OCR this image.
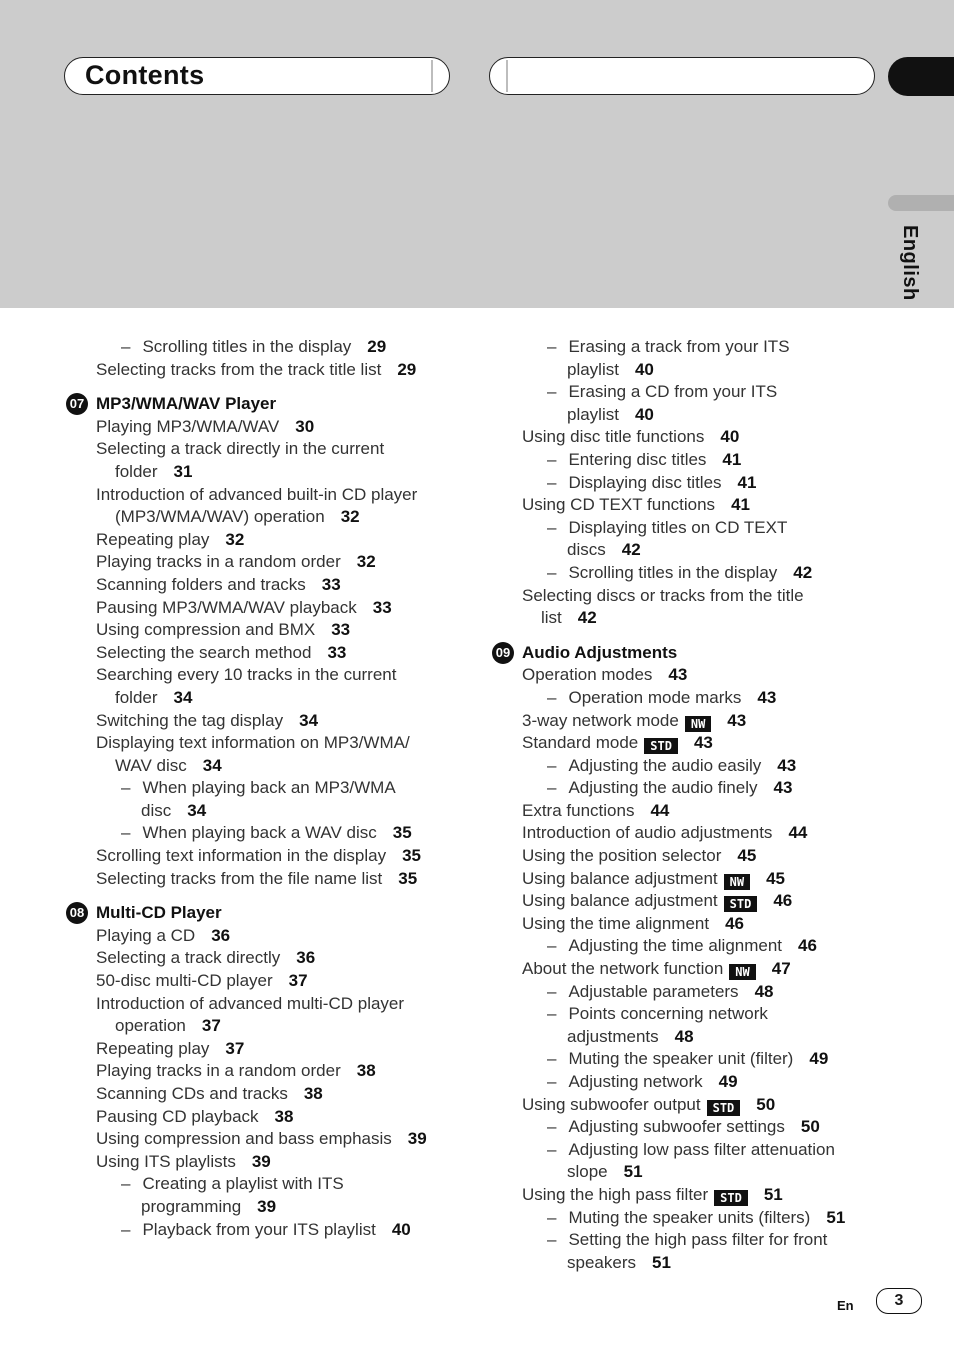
Contents
English
– Scrolling titles in the display 29
Selecting tracks from the track title list 29
07 MP3/WMA/WAV Player
Playing MP3/WMA/WAV 30
Selecting a track directly in the current
folder 31
Introduction of advanced built-in CD player
(MP3/WMA/WAV) operation 32
Repeating play 32
Playing tracks in a random order 32
Scanning folders and tracks 33
Pausing MP3/WMA/WAV playback 33
Using compression and BMX 33
Selecting the search method 33
Searching every 10 tracks in the current
folder 34
Switching the tag display 34
Displaying text information on MP3/WMA/
WAV disc 34
– When playing back an MP3/WMA
disc 34
– When playing back a WAV disc 35
Scrolling text information in the display 35
Selecting tracks from the file name list 35
08 Multi-CD Player
Playing a CD 36
Selecting a track directly 36
50-disc multi-CD player 37
Introduction of advanced multi-CD player
operation 37
Repeating play 37
Playing tracks in a random order 38
Scanning CDs and tracks 38
Pausing CD playback 38
Using compression and bass emphasis 39
Using ITS playlists 39
– Creating a playlist with ITS
programming 39
– Playback from your ITS playlist 40
– Erasing a track from your ITS
playlist 40
– Erasing a CD from your ITS
playlist 40
Using disc title functions 40
– Entering disc titles 41
– Displaying disc titles 41
Using CD TEXT functions 41
– Displaying titles on CD TEXT
discs 42
– Scrolling titles in the display 42
Selecting discs or tracks from the title
list 42
09 Audio Adjustments
Operation modes 43
– Operation mode marks 43
3-way network mode NW 43
Standard mode STD 43
– Adjusting the audio easily 43
– Adjusting the audio finely 43
Extra functions 44
Introduction of audio adjustments 44
Using the position selector 45
Using balance adjustment NW 45
Using balance adjustment STD 46
Using the time alignment 46
– Adjusting the time alignment 46
About the network function NW 47
– Adjustable parameters 48
– Points concerning network
adjustments 48
– Muting the speaker unit (filter) 49
– Adjusting network 49
Using subwoofer output STD 50
– Adjusting subwoofer settings 50
– Adjusting low pass filter attenuation
slope 51
Using the high pass filter STD 51
– Muting the speaker units (filters) 51
– Setting the high pass filter for front
speakers 51
En	3
